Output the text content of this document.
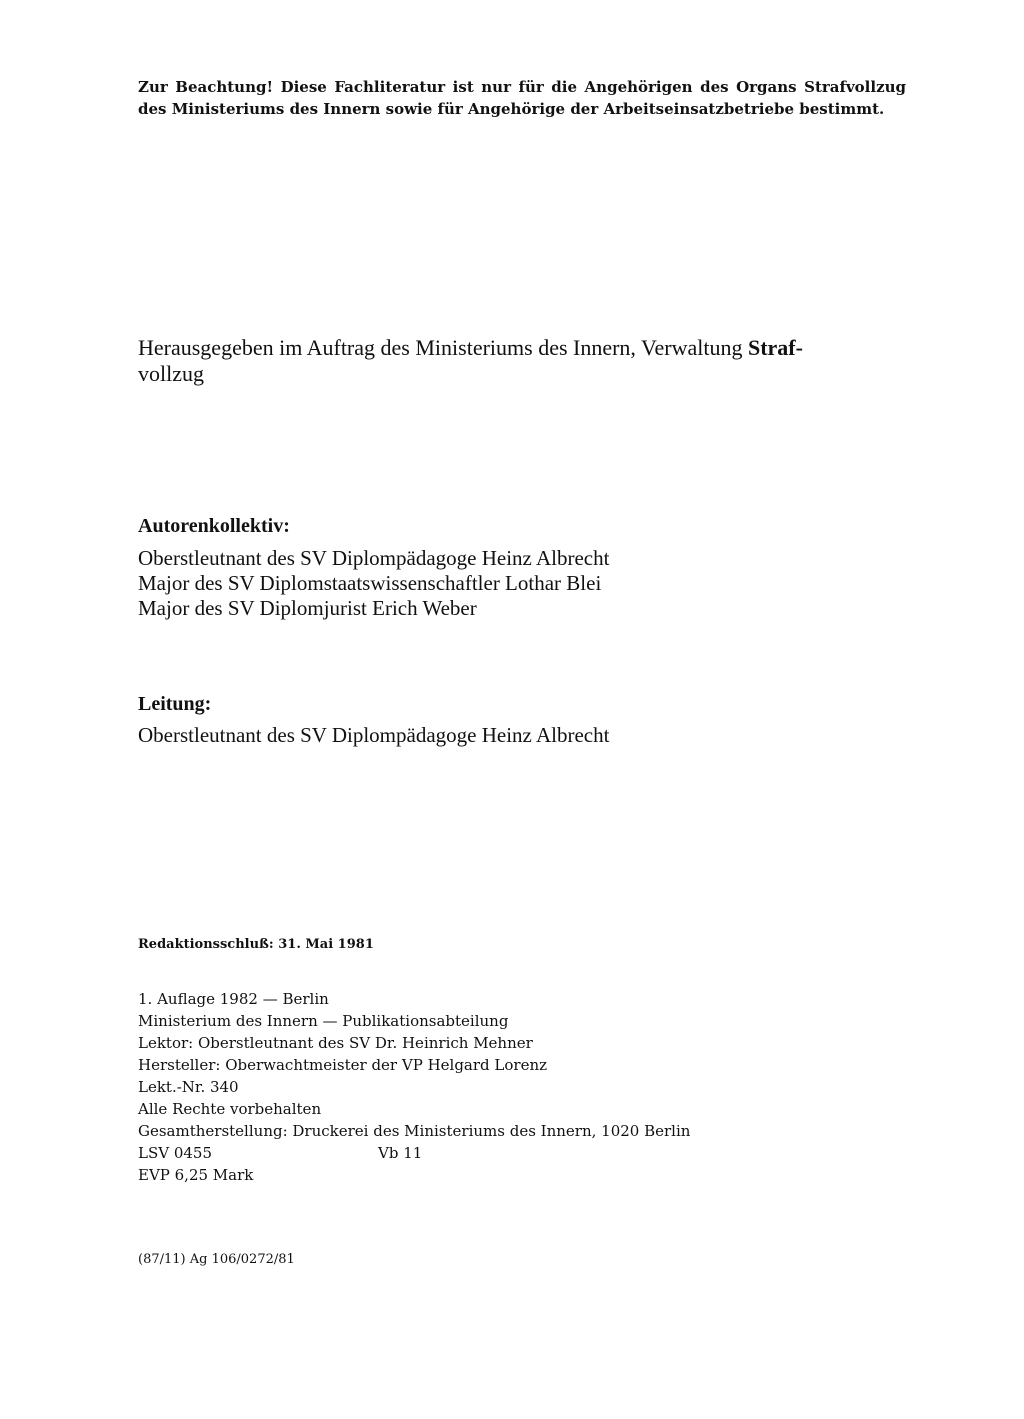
Zur Beachtung! Diese Fachliteratur ist nur für die Angehörigen des Organs Strafvollzug des Ministeriums des Innern sowie für Angehörige der Arbeitseinsatzbetriebe bestimmt.

Herausgegeben im Auftrag des Ministeriums des Innern, Verwaltung Straf-
vollzug
Autorenkollektiv:
Oberstleutnant des SV Diplompädagoge Heinz Albrecht
Major des SV Diplomstaatswissenschaftler Lothar Blei
Major des SV Diplomjurist Erich Weber
Leitung:
Oberstleutnant des SV Diplompädagoge Heinz Albrecht
Redaktionsschluß: 31. Mai 1981
1. Auflage 1982 — Berlin
Ministerium des Innern — Publikationsabteilung
Lektor: Oberstleutnant des SV Dr. Heinrich Mehner
Hersteller: Oberwachtmeister der VP Helgard Lorenz
Lekt.-Nr. 340
Alle Rechte vorbehalten
Gesamtherstellung: Druckerei des Ministeriums des Innern, 1020 Berlin
LSV 0455	Vb 11
EVP 6,25 Mark
(87/11) Ag 106/0272/81
